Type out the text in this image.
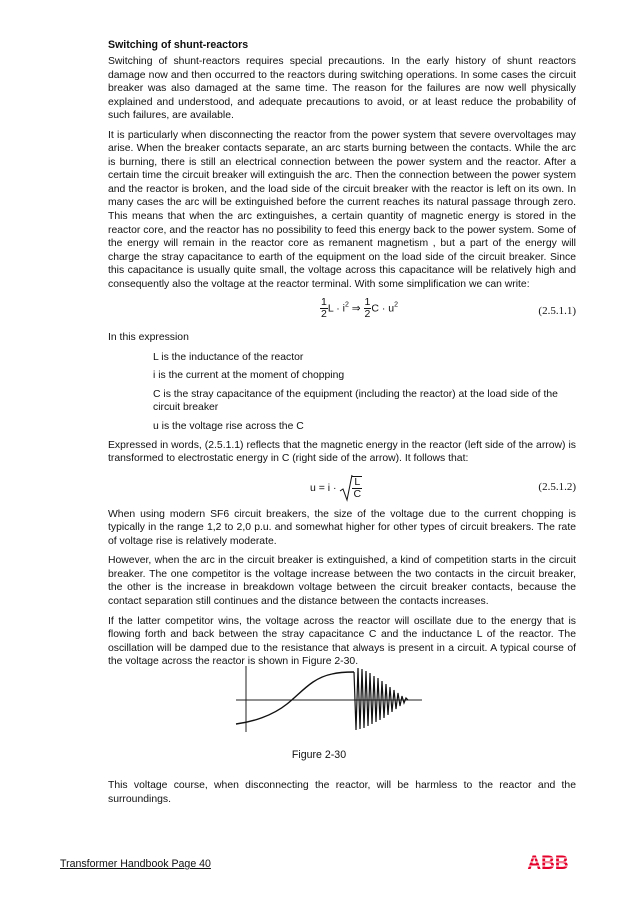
Switching of shunt-reactors

Switching of shunt-reactors requires special precautions. In the early history of shunt reactors damage now and then occurred to the reactors during switching operations. In some cases the circuit breaker was also damaged at the same time. The reason for the failures are now well physically explained and understood, and adequate precautions to avoid, or at least reduce the probability of such failures, are available.

It is particularly when disconnecting the reactor from the power system that severe overvoltages may arise. When the breaker contacts separate, an arc starts burning between the contacts. While the arc is burning, there is still an electrical connection between the power system and the reactor. After a certain time the circuit breaker will extinguish the arc. Then the connection between the power system and the reactor is broken, and the load side of the circuit breaker with the reactor is left on its own. In many cases the arc will be extinguished before the current reaches its natural passage through zero. This means that when the arc extinguishes, a certain quantity of magnetic energy is stored in the reactor core, and the reactor has no possibility to feed this energy back to the power system. Some of the energy will remain in the reactor core as remanent magnetism , but a part of the energy will charge the stray capacitance to earth of the equipment on the load side of the circuit breaker. Since this capacitance is usually quite small, the voltage across this capacitance will be relatively high and consequently also the voltage at the reactor terminal. With some simplification we can write:

$\frac{1}{2}$ $L \cdot i^2$ ⇒ $\frac{1}{2}$ $C \cdot u^2$
(2.5.1.1)

In this expression

L is the inductance of the reactor

i is the current at the moment of chopping

C is the stray capacitance of the equipment (including the reactor) at the load side of the circuit breaker

u is the voltage rise across the C

Expressed in words, (2.5.1.1) reflects that the magnetic energy in the reactor (left side of the arrow) is transformed to electrostatic energy in C (right side of the arrow). It follows that:

$u = i \cdot \frac{L}{C}$	(2.5.1.2)

When using modern SF6 circuit breakers, the size of the voltage due to the current chopping is typically in the range 1,2 to 2,0 p.u. and somewhat higher for other types of circuit breakers. The rate of voltage rise is relatively moderate.

However, when the arc in the circuit breaker is extinguished, a kind of competition starts in the circuit breaker. The one competitor is the voltage increase between the two contacts in the circuit breaker, the other is the increase in breakdown voltage between the circuit breaker contacts, because the contact separation still continues and the distance between the contacts increases.

If the latter competitor wins, the voltage across the reactor will oscillate due to the energy that is flowing forth and back between the stray capacitance C and the inductance L of the reactor. The oscillation will be damped due to the resistance that always is present in a circuit. A typical course of the voltage across the reactor is shown in Figure 2-30.

Figure 2-30

This voltage course, when disconnecting the reactor, will be harmless to the reactor and the surroundings.

Transformer Handbook Page 40	ABB
